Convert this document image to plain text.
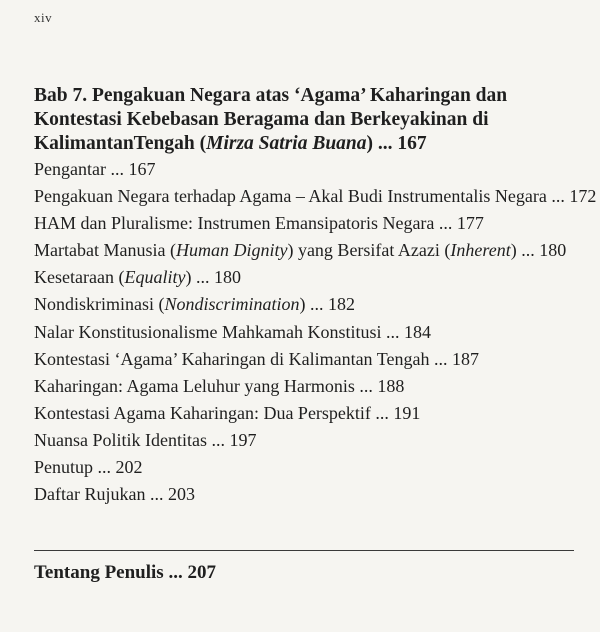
xiv
Bab 7. Pengakuan Negara atas ‘Agama’ Kaharingan dan Kontestasi Kebebasan Beragama dan Berkeyakinan di KalimantanTengah (Mirza Satria Buana) ... 167
Pengantar ... 167
Pengakuan Negara terhadap Agama – Akal Budi Instrumentalis Negara ... 172
HAM dan Pluralisme: Instrumen Emansipatoris Negara ... 177
Martabat Manusia (Human Dignity) yang Bersifat Azazi (Inherent) ... 180
Kesetaraan (Equality) ... 180
Nondiskriminasi (Nondiscrimination) ... 182
Nalar Konstitusionalisme Mahkamah Konstitusi ... 184
Kontestasi ‘Agama’ Kaharingan di Kalimantan Tengah ... 187
Kaharingan: Agama Leluhur yang Harmonis ... 188
Kontestasi Agama Kaharingan: Dua Perspektif ... 191
Nuansa Politik Identitas ... 197
Penutup ... 202
Daftar Rujukan ... 203
Tentang Penulis ... 207
